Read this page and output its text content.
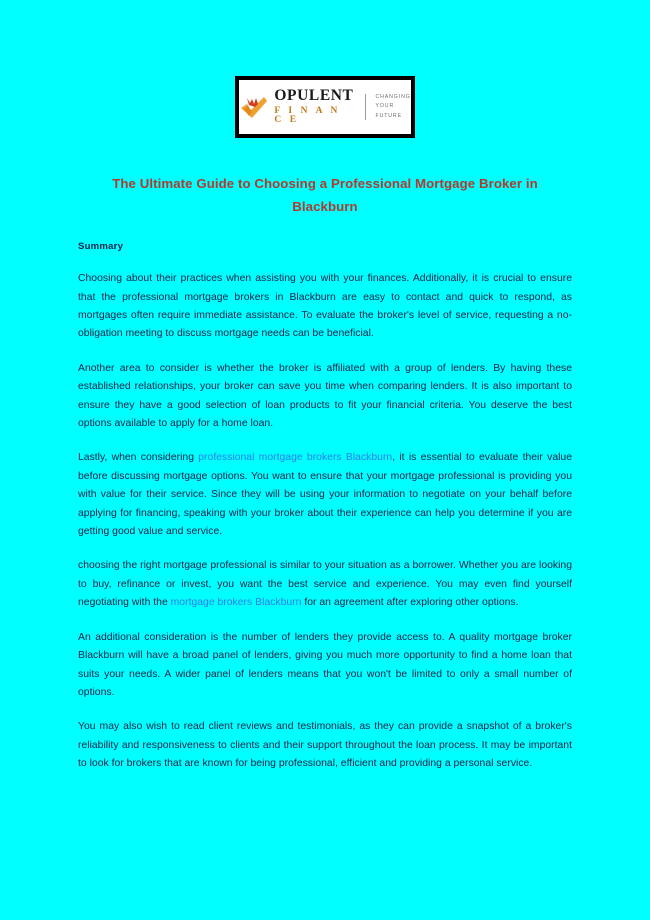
OPULENT
F I N A N C E
CHANGING
YOUR
FUTURE
The Ultimate Guide to Choosing a Professional Mortgage Broker in Blackburn
Summary

Choosing about their practices when assisting you with your finances. Additionally, it is crucial to ensure that the professional mortgage brokers in Blackburn are easy to contact and quick to respond, as mortgages often require immediate assistance. To evaluate the broker's level of service, requesting a no-obligation meeting to discuss mortgage needs can be beneficial.

Another area to consider is whether the broker is affiliated with a group of lenders. By having these established relationships, your broker can save you time when comparing lenders. It is also important to ensure they have a good selection of loan products to fit your financial criteria. You deserve the best options available to apply for a home loan.

Lastly, when considering professional mortgage brokers Blackburn, it is essential to evaluate their value before discussing mortgage options. You want to ensure that your mortgage professional is providing you with value for their service. Since they will be using your information to negotiate on your behalf before applying for financing, speaking with your broker about their experience can help you determine if you are getting good value and service.

choosing the right mortgage professional is similar to your situation as a borrower. Whether you are looking to buy, refinance or invest, you want the best service and experience. You may even find yourself negotiating with the mortgage brokers Blackburn for an agreement after exploring other options.

An additional consideration is the number of lenders they provide access to. A quality mortgage broker Blackburn will have a broad panel of lenders, giving you much more opportunity to find a home loan that suits your needs. A wider panel of lenders means that you won't be limited to only a small number of options.

You may also wish to read client reviews and testimonials, as they can provide a snapshot of a broker's reliability and responsiveness to clients and their support throughout the loan process. It may be important to look for brokers that are known for being professional, efficient and providing a personal service.
